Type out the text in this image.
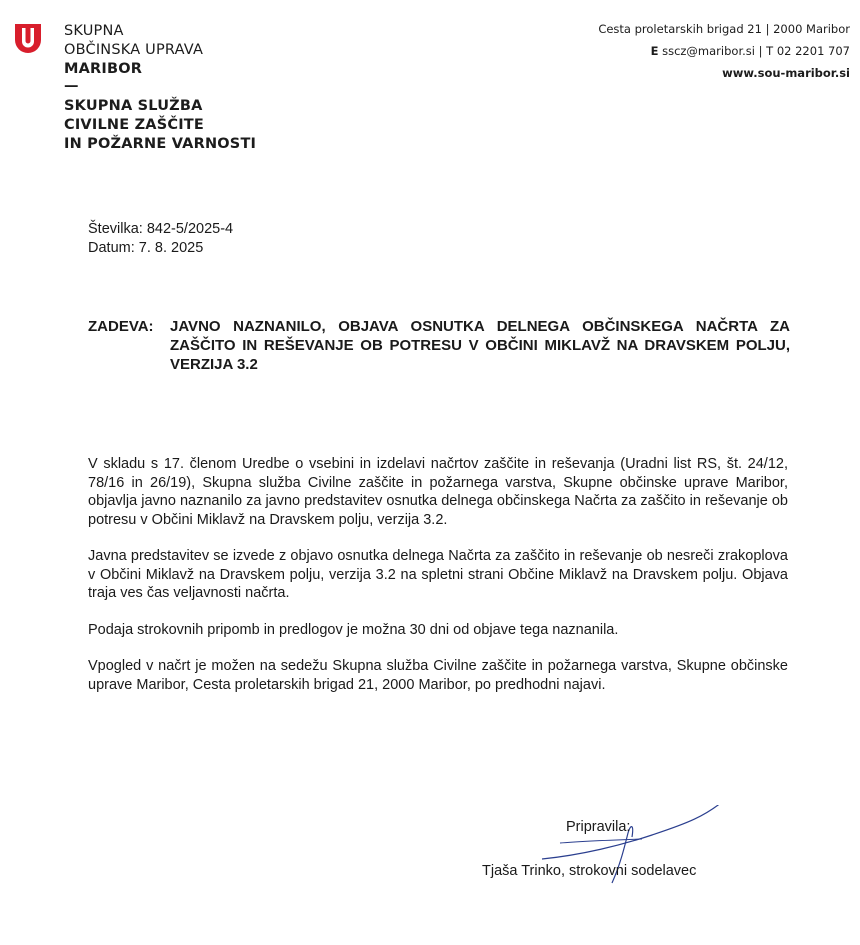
SKUPNA
OBČINSKA UPRAVA
MARIBOR
—
SKUPNA SLUŽBA
CIVILNE ZAŠČITE
IN POŽARNE VARNOSTI
Cesta proletarskih brigad 21 | 2000 Maribor
E sscz@maribor.si | T 02 2201 707
www.sou-maribor.si
Številka: 842-5/2025-4
Datum: 7. 8. 2025
ZADEVA: JAVNO NAZNANILO, OBJAVA OSNUTKA DELNEGA OBČINSKEGA NAČRTA ZA ZAŠČITO IN REŠEVANJE OB POTRESU V OBČINI MIKLAVŽ NA DRAVSKEM POLJU, VERZIJA 3.2

V skladu s 17. členom Uredbe o vsebini in izdelavi načrtov zaščite in reševanja (Uradni list RS, št. 24/12, 78/16 in 26/19), Skupna služba Civilne zaščite in požarnega varstva, Skupne občinske uprave Maribor, objavlja javno naznanilo za javno predstavitev osnutka delnega občinskega Načrta za zaščito in reševanje ob potresu v Občini Miklavž na Dravskem polju, verzija 3.2.

Javna predstavitev se izvede z objavo osnutka delnega Načrta za zaščito in reševanje ob nesreči zrakoplova v Občini Miklavž na Dravskem polju, verzija 3.2 na spletni strani Občine Miklavž na Dravskem polju. Objava traja ves čas veljavnosti načrta.

Podaja strokovnih pripomb in predlogov je možna 30 dni od objave tega naznanila.

Vpogled v načrt je možen na sedežu Skupna služba Civilne zaščite in požarnega varstva, Skupne občinske uprave Maribor, Cesta proletarskih brigad 21, 2000 Maribor, po predhodni najavi.

Pripravila:
Tjaša Trinko, strokovni sodelavec
